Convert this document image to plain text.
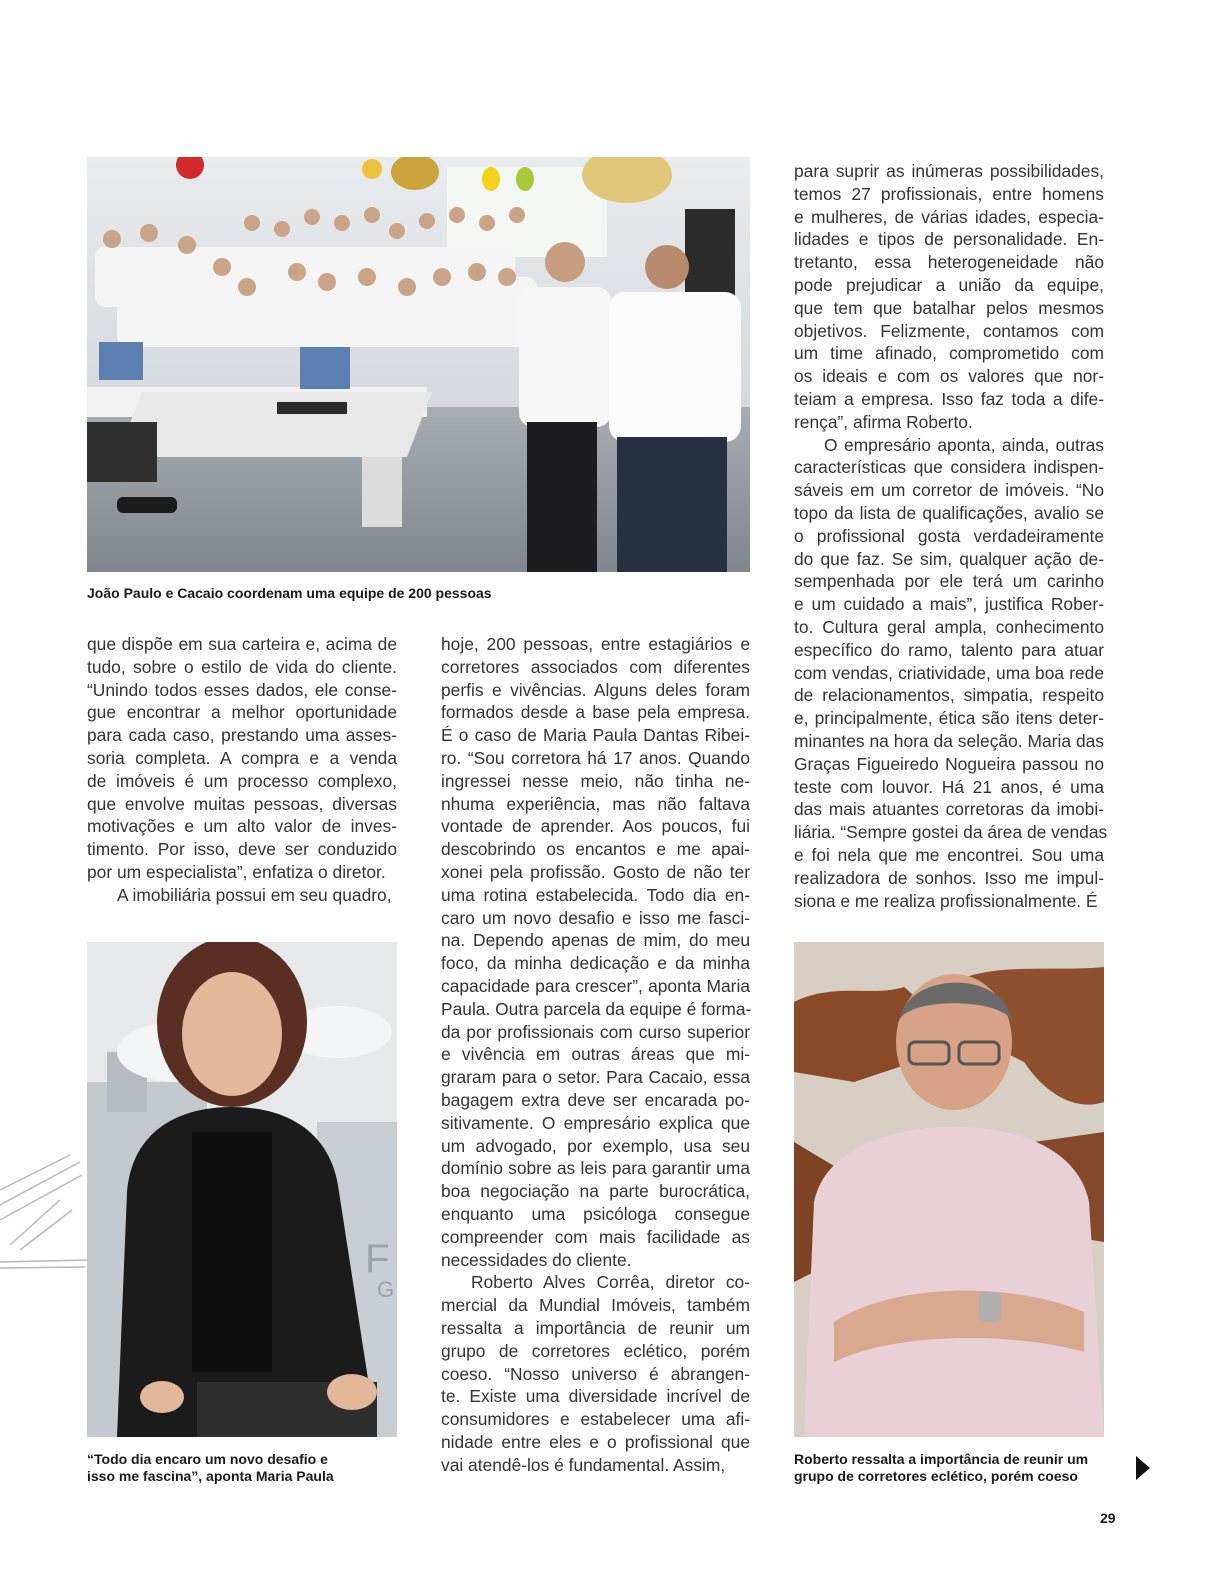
João Paulo e Cacaio coordenam uma equipe de 200 pessoas
F
G
“Todo dia encaro um novo desafio e
isso me fascina”, aponta Maria Paula
Roberto ressalta a importância de reunir um
grupo de corretores eclético, porém coeso
que dispõe em sua carteira e, acima de
tudo, sobre o estilo de vida do cliente.
“Unindo todos esses dados, ele conse-
gue encontrar a melhor oportunidade
para cada caso, prestando uma asses-
soria completa. A compra e a venda
de imóveis é um processo complexo,
que envolve muitas pessoas, diversas
motivações e um alto valor de inves-
timento. Por isso, deve ser conduzido
por um especialista”, enfatiza o diretor.
A imobiliária possui em seu quadro,
hoje, 200 pessoas, entre estagiários e
corretores associados com diferentes
perfis e vivências. Alguns deles foram
formados desde a base pela empresa.
É o caso de Maria Paula Dantas Ribei-
ro. “Sou corretora há 17 anos. Quando
ingressei nesse meio, não tinha ne-
nhuma experiência, mas não faltava
vontade de aprender. Aos poucos, fui
descobrindo os encantos e me apai-
xonei pela profissão. Gosto de não ter
uma rotina estabelecida. Todo dia en-
caro um novo desafio e isso me fasci-
na. Dependo apenas de mim, do meu
foco, da minha dedicação e da minha
capacidade para crescer”, aponta Maria
Paula. Outra parcela da equipe é forma-
da por profissionais com curso superior
e vivência em outras áreas que mi-
graram para o setor. Para Cacaio, essa
bagagem extra deve ser encarada po-
sitivamente. O empresário explica que
um advogado, por exemplo, usa seu
domínio sobre as leis para garantir uma
boa negociação na parte burocrática,
enquanto uma psicóloga consegue
compreender com mais facilidade as
necessidades do cliente.
Roberto Alves Corrêa, diretor co-
mercial da Mundial Imóveis, também
ressalta a importância de reunir um
grupo de corretores eclético, porém
coeso. “Nosso universo é abrangen-
te. Existe uma diversidade incrível de
consumidores e estabelecer uma afi-
nidade entre eles e o profissional que
vai atendê-los é fundamental. Assim,
para suprir as inúmeras possibilidades,
temos 27 profissionais, entre homens
e mulheres, de várias idades, especia-
lidades e tipos de personalidade. En-
tretanto, essa heterogeneidade não
pode prejudicar a união da equipe,
que tem que batalhar pelos mesmos
objetivos. Felizmente, contamos com
um time afinado, comprometido com
os ideais e com os valores que nor-
teiam a empresa. Isso faz toda a dife-
rença”, afirma Roberto.
O empresário aponta, ainda, outras
características que considera indispen-
sáveis em um corretor de imóveis. “No
topo da lista de qualificações, avalio se
o profissional gosta verdadeiramente
do que faz. Se sim, qualquer ação de-
sempenhada por ele terá um carinho
e um cuidado a mais”, justifica Rober-
to. Cultura geral ampla, conhecimento
específico do ramo, talento para atuar
com vendas, criatividade, uma boa rede
de relacionamentos, simpatia, respeito
e, principalmente, ética são itens deter-
minantes na hora da seleção. Maria das
Graças Figueiredo Nogueira passou no
teste com louvor. Há 21 anos, é uma
das mais atuantes corretoras da imobi-
liária. “Sempre gostei da área de vendas
e foi nela que me encontrei. Sou uma
realizadora de sonhos. Isso me impul-
siona e me realiza profissionalmente. É
29
